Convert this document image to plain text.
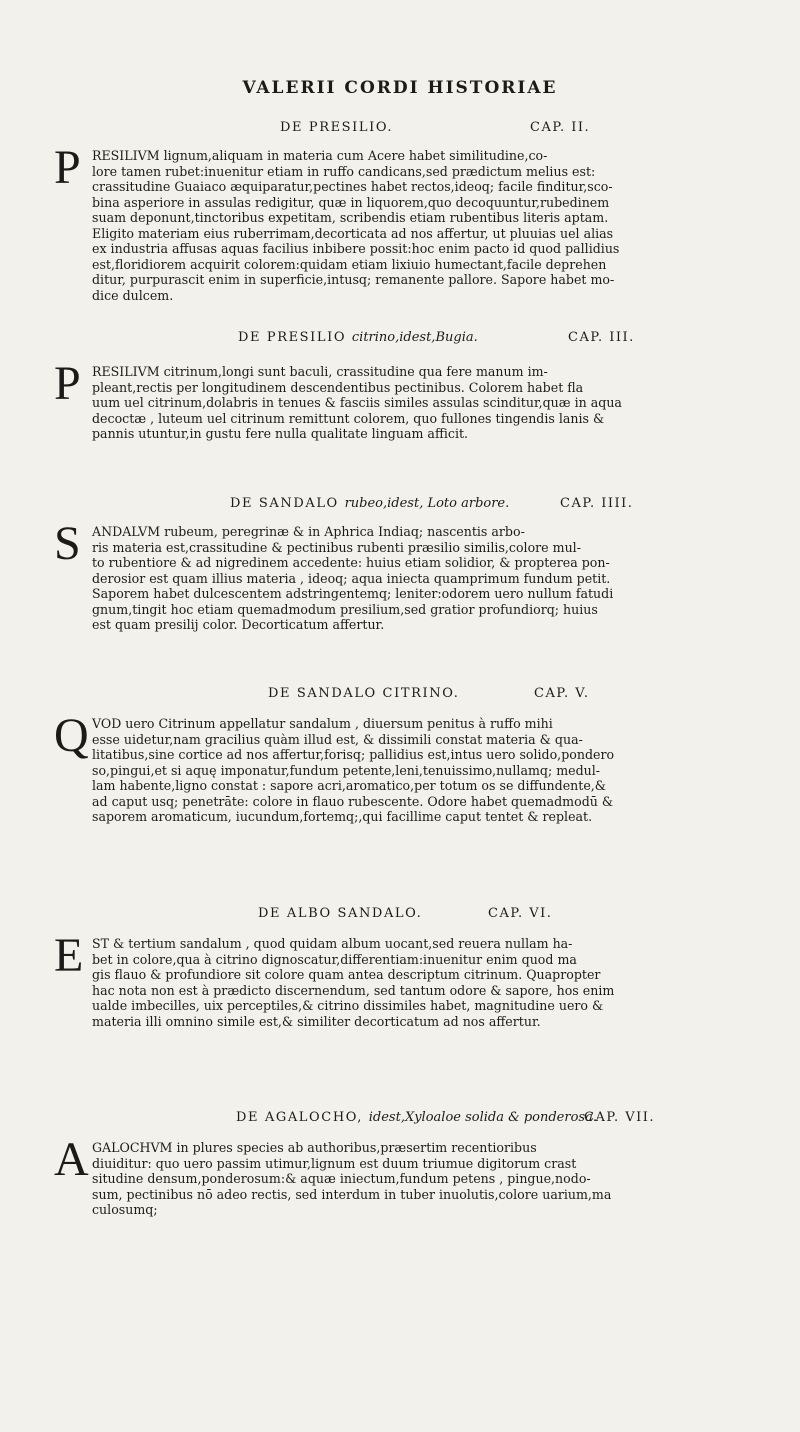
VALERII CORDI HISTORIAE
DE PRESILIO.	CAP. II.
P RESILIVM lignum,aliquam in materia cum Acere habet similitudine,co-
lore tamen rubet:inuenitur etiam in ruffo candicans,sed prædictum melius est:
crassitudine Guaiaco æquiparatur,pectines habet rectos,ideoq; facile finditur,sco-
bina asperiore in assulas redigitur, quæ in liquorem,quo decoquuntur,rubedinem
suam deponunt,tinctoribus expetitam, scribendis etiam rubentibus literis aptam.
Eligito materiam eius ruberrimam,decorticata ad nos affertur, ut pluuias uel alias
ex industria affusas aquas facilius inbibere possit:hoc enim pacto id quod pallidius
est,floridiorem acquirit colorem:quidam etiam lixiuio humectant,facile deprehen
ditur, purpurascit enim in superficie,intusq; remanente pallore. Sapore habet mo-
dice dulcem.
DE PRESILIO citrino,idest,Bugia.	CAP. III.
P RESILIVM citrinum,longi sunt baculi, crassitudine qua fere manum im-
pleant,rectis per longitudinem descendentibus pectinibus. Colorem habet fla
uum uel citrinum,dolabris in tenues & fasciis similes assulas scinditur,quæ in aqua
decoctæ , luteum uel citrinum remittunt colorem, quo fullones tingendis lanis &
pannis utuntur,in gustu fere nulla qualitate linguam afficit.
DE SANDALO rubeo,idest, Loto arbore.	CAP. IIII.
S ANDALVM rubeum, peregrinæ & in Aphrica Indiaq; nascentis arbo-
ris materia est,crassitudine & pectinibus rubenti præsilio similis,colore mul-
to rubentiore & ad nigredinem accedente: huius etiam solidior, & propterea pon-
derosior est quam illius materia , ideoq; aqua iniecta quamprimum fundum petit.
Saporem habet dulcescentem adstringentemq; leniter:odorem uero nullum fatudi
gnum,tingit hoc etiam quemadmodum presilium,sed gratior profundiorq; huius
est quam presilij color. Decorticatum affertur.
DE SANDALO CITRINO.	CAP. V.
Q VOD uero Citrinum appellatur sandalum , diuersum penitus à ruffo mihi
esse uidetur,nam gracilius quàm illud est, & dissimili constat materia & qua-
litatibus,sine cortice ad nos affertur,forisq; pallidius est,intus uero solido,pondero
so,pingui,et si aquę imponatur,fundum petente,leni,tenuissimo,nullamq; medul-
lam habente,ligno constat : sapore acri,aromatico,per totum os se diffundente,&
ad caput usq; penetrāte: colore in flauo rubescente. Odore habet quemadmodū &
saporem aromaticum, iucundum,fortemq;,qui facillime caput tentet & repleat.
DE ALBO SANDALO.	CAP. VI.
E ST & tertium sandalum , quod quidam album uocant,sed reuera nullam ha-
bet in colore,qua à citrino dignoscatur,differentiam:inuenitur enim quod ma
gis flauo & profundiore sit colore quam antea descriptum citrinum. Quapropter
hac nota non est à prædicto discernendum, sed tantum odore & sapore, hos enim
ualde imbecilles, uix perceptiles,& citrino dissimiles habet, magnitudine uero &
materia illi omnino simile est,& similiter decorticatum ad nos affertur.
DE AGALOCHO, idest,Xyloaloe solida & ponderosa.
CAP. VII.
A GALOCHVM in plures species ab authoribus,præsertim recentioribus
diuiditur: quo uero passim utimur,lignum est duum triumue digitorum crast
situdine densum,ponderosum:& aquæ iniectum,fundum petens , pingue,nodo-
sum, pectinibus nō adeo rectis, sed interdum in tuber inuolutis,colore uarium,ma
culosumq;
